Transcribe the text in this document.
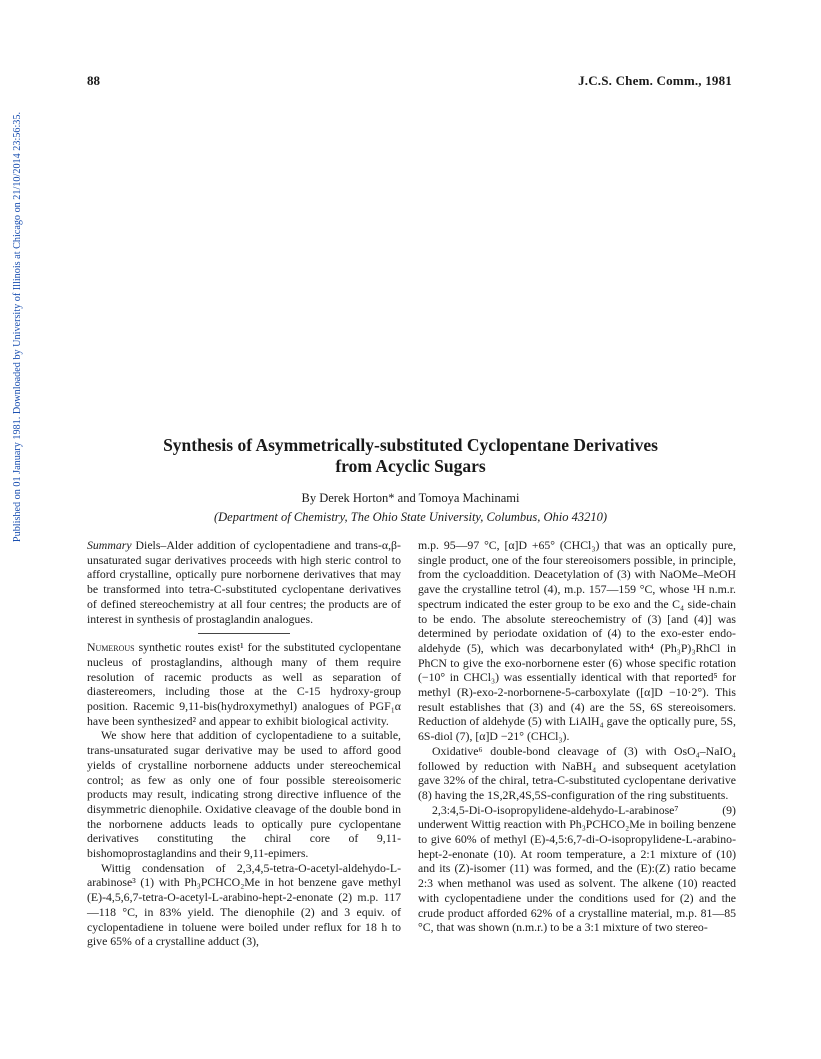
Published on 01 January 1981. Downloaded by University of Illinois at Chicago on 21/10/2014 23:56:35.
88	J.C.S. Chem. Comm., 1981
Synthesis of Asymmetrically-substituted Cyclopentane Derivatives
from Acyclic Sugars
By Derek Horton* and Tomoya Machinami
(Department of Chemistry, The Ohio State University, Columbus, Ohio 43210)

Summary Diels–Alder addition of cyclopentadiene and trans-α,β-unsaturated sugar derivatives proceeds with high steric control to afford crystalline, optically pure norbornene derivatives that may be transformed into tetra-C-substituted cyclopentane derivatives of defined stereochemistry at all four centres; the products are of interest in synthesis of prostaglandin analogues.

Numerous synthetic routes exist¹ for the substituted cyclopentane nucleus of prostaglandins, although many of them require resolution of racemic products as well as separation of diastereomers, including those at the C-15 hydroxy-group position. Racemic 9,11-bis(hydroxymethyl) analogues of PGF₁α have been synthesized² and appear to exhibit biological activity.

We show here that addition of cyclopentadiene to a suitable, trans-unsaturated sugar derivative may be used to afford good yields of crystalline norbornene adducts under stereochemical control; as few as only one of four possible stereoisomeric products may result, indicating strong directive influence of the disymmetric dienophile. Oxidative cleavage of the double bond in the norbornene adducts leads to optically pure cyclopentane derivatives constituting the chiral core of 9,11-bishomoprostaglandins and their 9,11-epimers.

Wittig condensation of 2,3,4,5-tetra-O-acetyl-aldehydo-L-arabinose³ (1) with Ph₃PCHCO₂Me in hot benzene gave methyl (E)-4,5,6,7-tetra-O-acetyl-L-arabino-hept-2-enonate (2) m.p. 117—118 °C, in 83% yield. The dienophile (2) and 3 equiv. of cyclopentadiene in toluene were boiled under reflux for 18 h to give 65% of a crystalline adduct (3),

m.p. 95—97 °C, [α]D +65° (CHCl₃) that was an optically pure, single product, one of the four stereoisomers possible, in principle, from the cycloaddition. Deacetylation of (3) with NaOMe–MeOH gave the crystalline tetrol (4), m.p. 157—159 °C, whose ¹H n.m.r. spectrum indicated the ester group to be exo and the C₄ side-chain to be endo. The absolute stereochemistry of (3) [and (4)] was determined by periodate oxidation of (4) to the exo-ester endo-aldehyde (5), which was decarbonylated with⁴ (Ph₃P)₃RhCl in PhCN to give the exo-norbornene ester (6) whose specific rotation (−10° in CHCl₃) was essentially identical with that reported⁵ for methyl (R)-exo-2-norbornene-5-carboxylate ([α]D −10·2°). This result establishes that (3) and (4) are the 5S, 6S stereoisomers. Reduction of aldehyde (5) with LiAlH₄ gave the optically pure, 5S, 6S-diol (7), [α]D −21° (CHCl₃).

Oxidative⁶ double-bond cleavage of (3) with OsO₄–NaIO₄ followed by reduction with NaBH₄ and subsequent acetylation gave 32% of the chiral, tetra-C-substituted cyclopentane derivative (8) having the 1S,2R,4S,5S-configuration of the ring substituents.

2,3:4,5-Di-O-isopropylidene-aldehydo-L-arabinose⁷ (9) underwent Wittig reaction with Ph₃PCHCO₂Me in boiling benzene to give 60% of methyl (E)-4,5:6,7-di-O-isopropylidene-L-arabino-hept-2-enonate (10). At room temperature, a 2:1 mixture of (10) and its (Z)-isomer (11) was formed, and the (E):(Z) ratio became 2:3 when methanol was used as solvent. The alkene (10) reacted with cyclopentadiene under the conditions used for (2) and the crude product afforded 62% of a crystalline material, m.p. 81—85 °C, that was shown (n.m.r.) to be a 3:1 mixture of two stereo-
